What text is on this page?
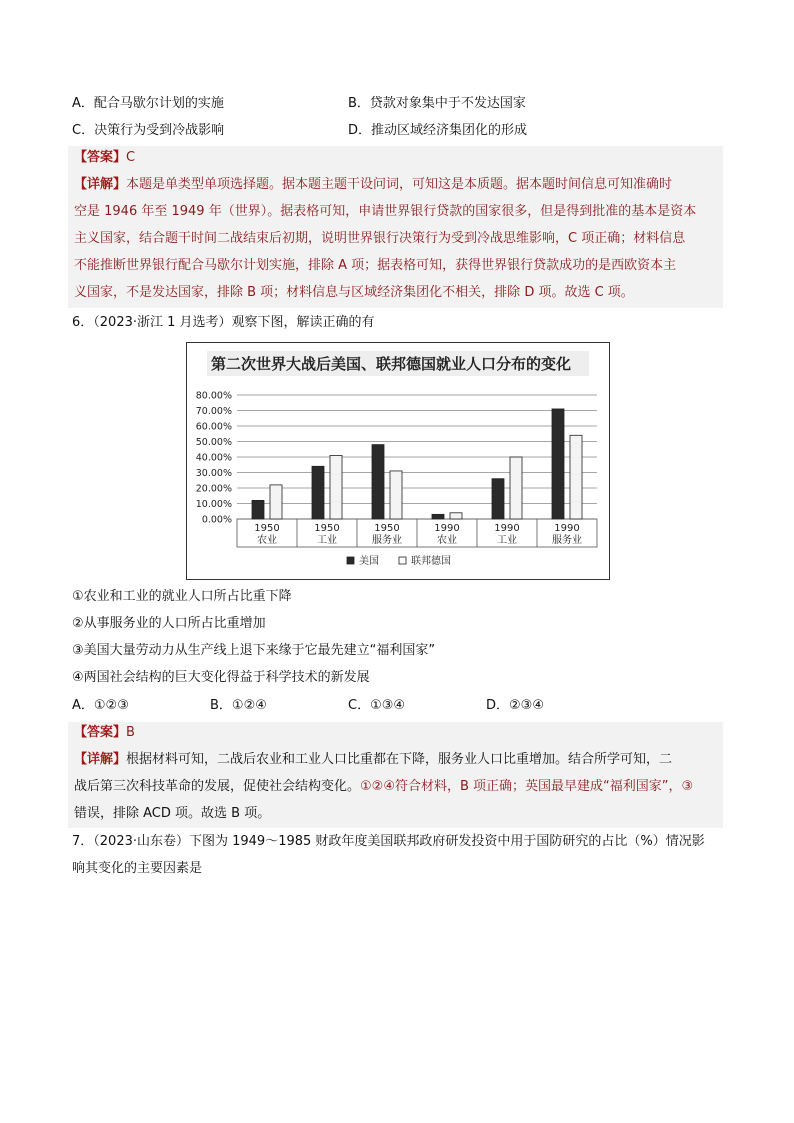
A．配合马歇尔计划的实施	B．贷款对象集中于不发达国家
C．决策行为受到冷战影响	D．推动区域经济集团化的形成
【答案】C
【详解】本题是单类型单项选择题。据本题主题干设问词，可知这是本质题。据本题时间信息可知准确时
空是 1946 年至 1949 年（世界）。据表格可知，申请世界银行贷款的国家很多，但是得到批准的基本是资本
主义国家，结合题干时间二战结束后初期，说明世界银行决策行为受到冷战思维影响，C 项正确；材料信息
不能推断世界银行配合马歇尔计划实施，排除 A 项；据表格可知，获得世界银行贷款成功的是西欧资本主
义国家，不是发达国家，排除 B 项；材料信息与区域经济集团化不相关，排除 D 项。故选 C 项。
6．（2023·浙江 1 月选考）观察下图，解读正确的有
第二次世界大战后美国、联邦德国就业人口分布的变化
80.00%
70.00%
60.00%
50.00%
40.00%
30.00%
20.00%
10.00%
0.00%
1950
农业
1950
工业
1950
服务业
1990
农业
1990
工业
1990
服务业
美国	联邦德国
①农业和工业的就业人口所占比重下降
②从事服务业的人口所占比重增加
③美国大量劳动力从生产线上退下来缘于它最先建立“福利国家”
④两国社会结构的巨大变化得益于科学技术的新发展
A．①②③	B．①②④	C．①③④	D．②③④
【答案】B
【详解】根据材料可知，二战后农业和工业人口比重都在下降，服务业人口比重增加。结合所学可知，二
战后第三次科技革命的发展，促使社会结构变化。①②④符合材料，B 项正确；英国最早建成“福利国家”，③
错误，排除 ACD 项。故选 B 项。
7．（2023·山东卷）下图为 1949～1985 财政年度美国联邦政府研发投资中用于国防研究的占比（%）情况影
响其变化的主要因素是
